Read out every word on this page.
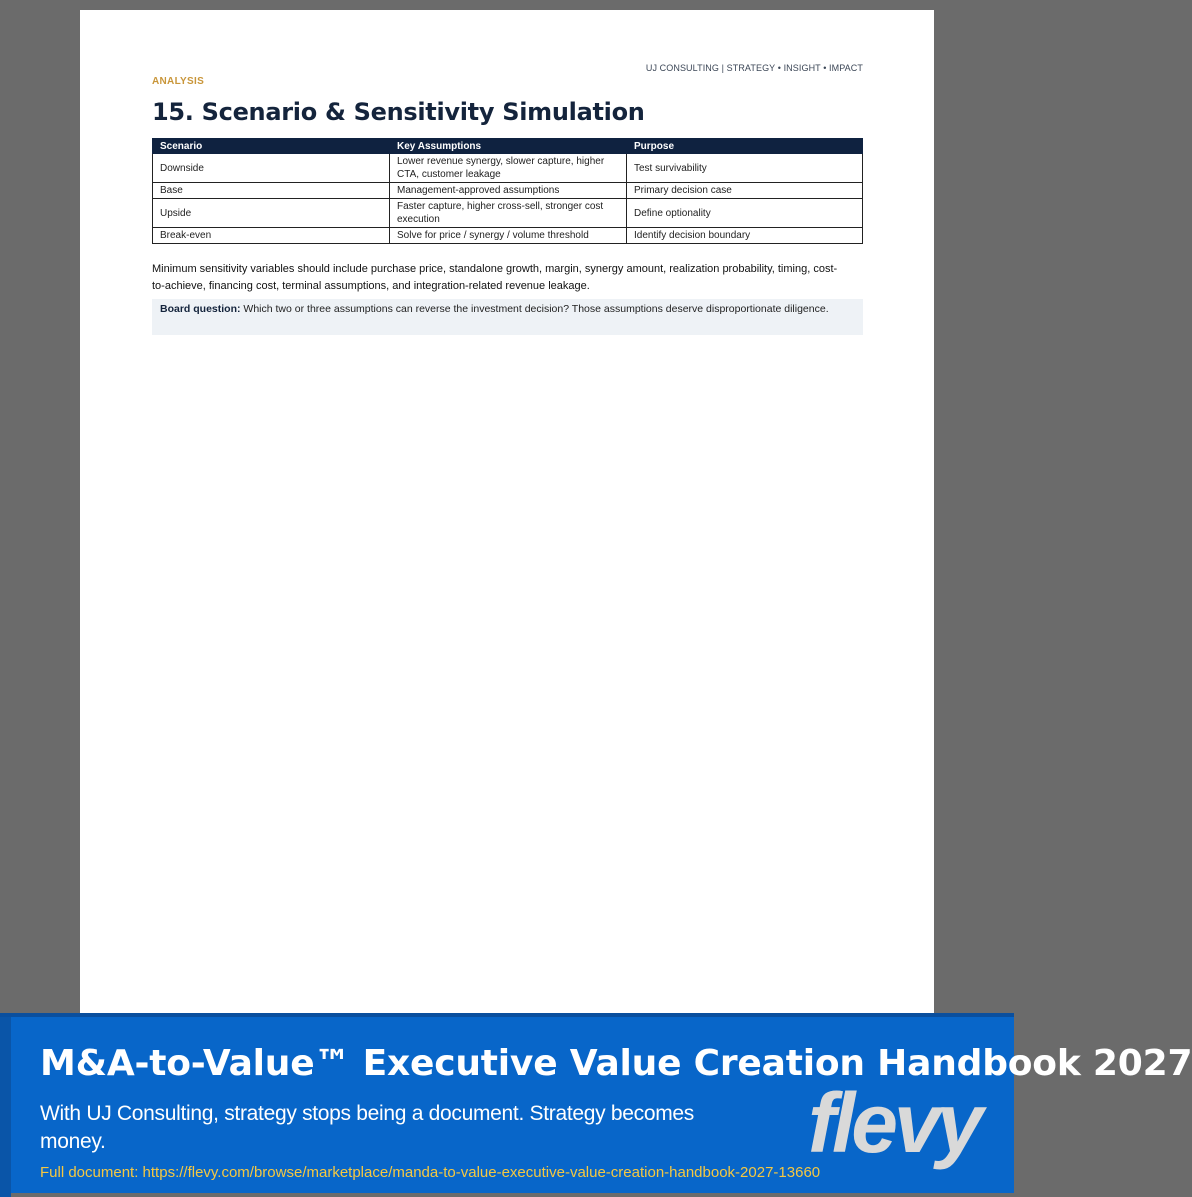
UJ CONSULTING | STRATEGY • INSIGHT • IMPACT
ANALYSIS
15. Scenario & Sensitivity Simulation
Scenario	Key Assumptions	Purpose
Downside	Lower revenue synergy, slower capture, higher CTA, customer leakage	Test survivability
Base	Management-approved assumptions	Primary decision case
Upside	Faster capture, higher cross-sell, stronger cost execution	Define optionality
Break-even	Solve for price / synergy / volume threshold	Identify decision boundary

Minimum sensitivity variables should include purchase price, standalone growth, margin, synergy amount, realization probability, timing, cost-to-achieve, financing cost, terminal assumptions, and integration-related revenue leakage.

Board question: Which two or three assumptions can reverse the investment decision? Those assumptions deserve disproportionate diligence.
M&A-to-Value™ Executive Value Creation Handbook 2027
With UJ Consulting, strategy stops being a document. Strategy becomes money.
Full document: https://flevy.com/browse/marketplace/manda-to-value-executive-value-creation-handbook-2027-13660
flevy
